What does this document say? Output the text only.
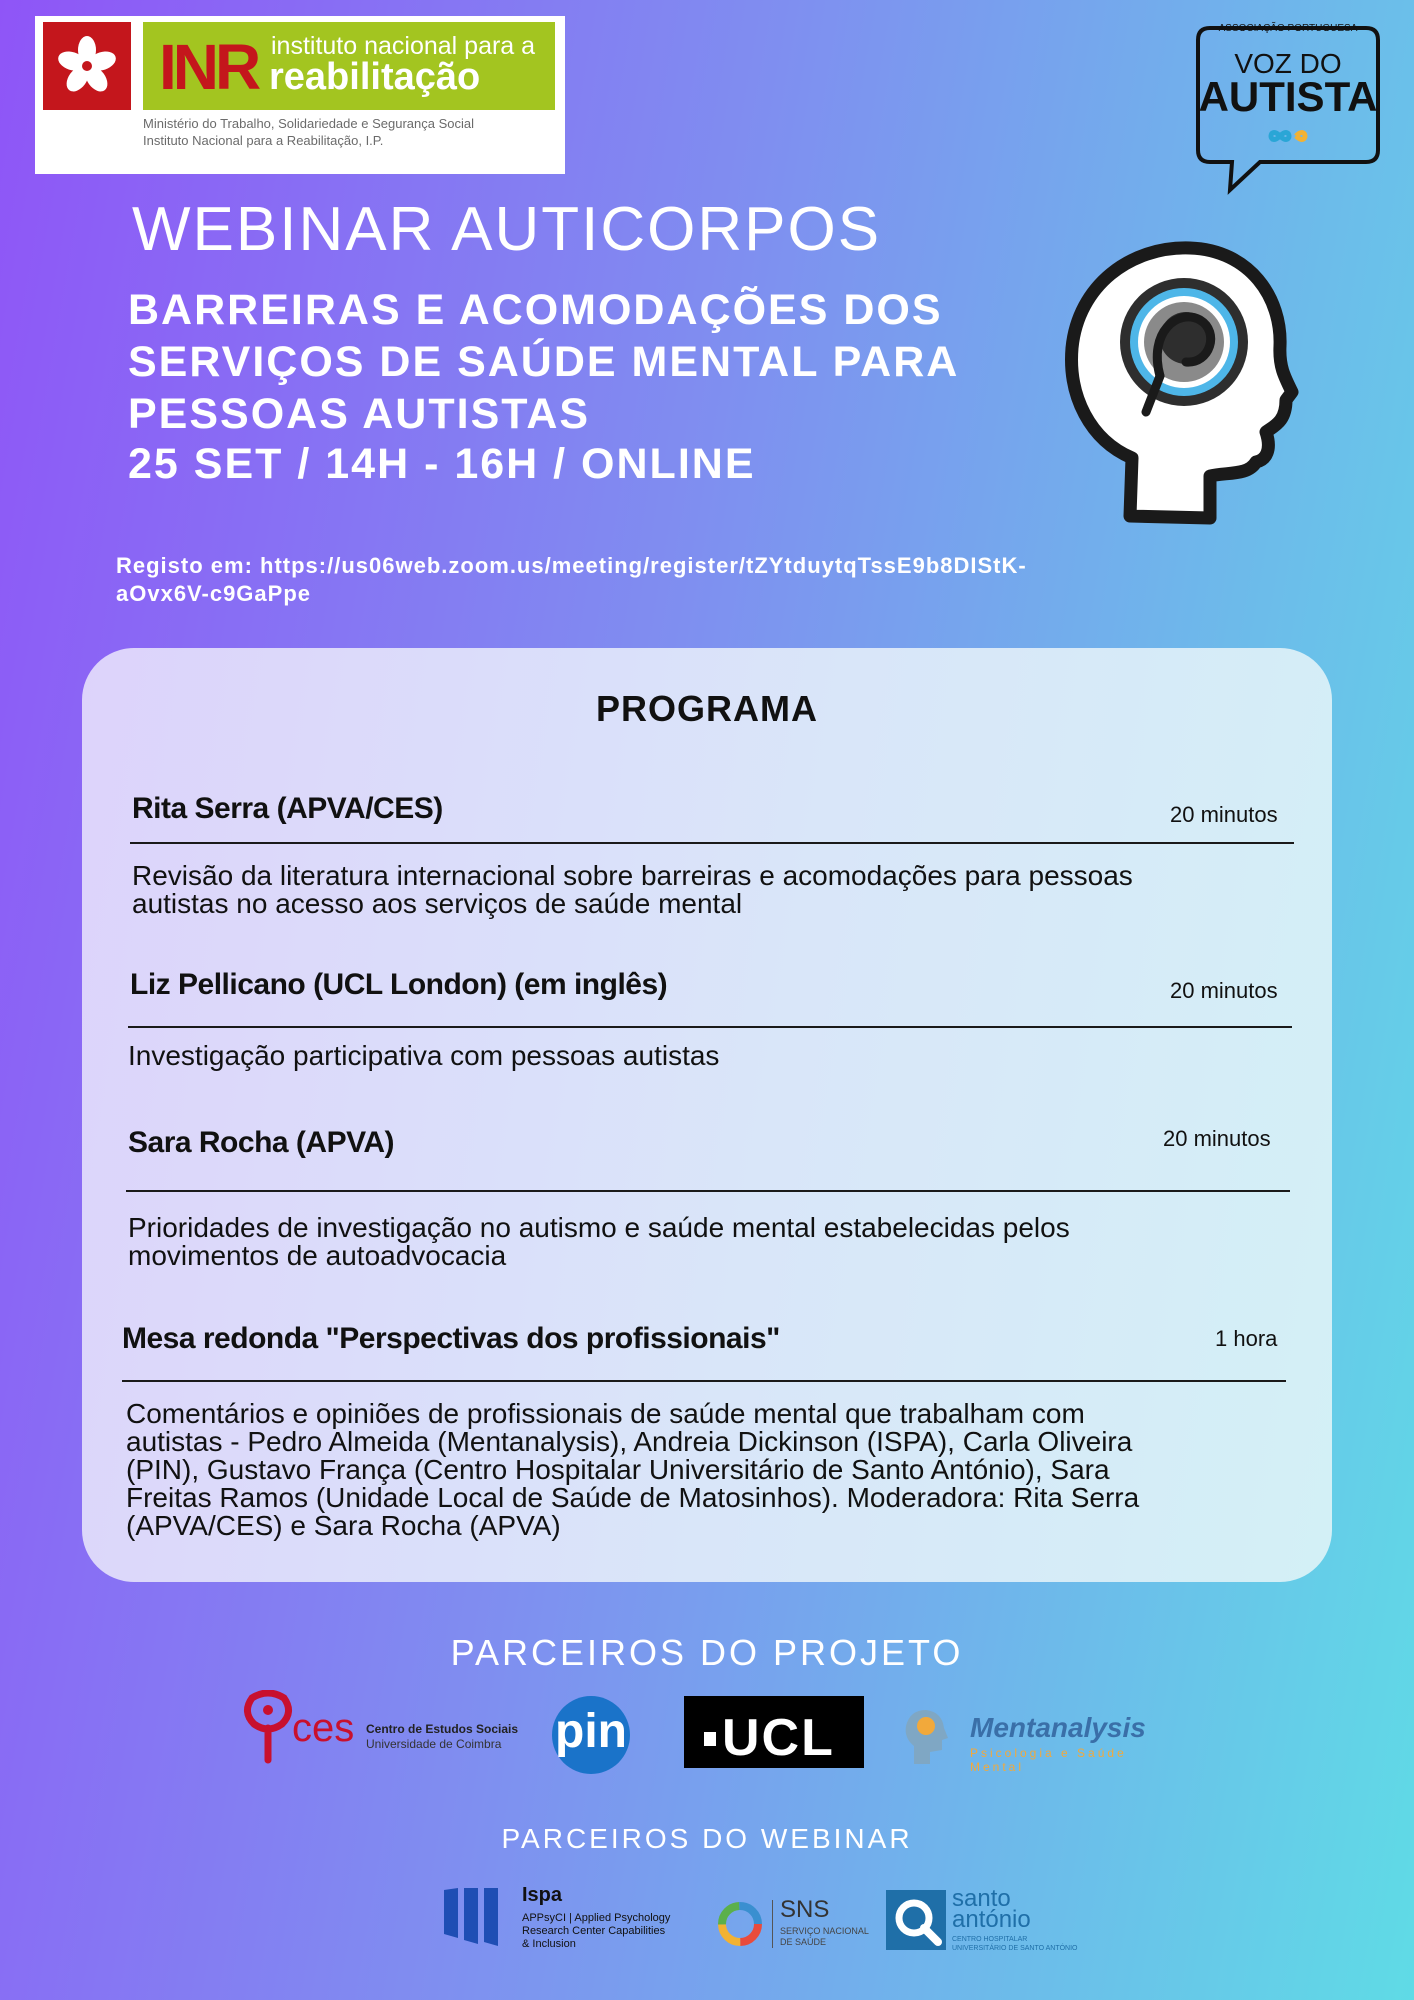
INR instituto nacional para a
reabilitação
Ministério do Trabalho, Solidariedade e Segurança Social
Instituto Nacional para a Reabilitação, I.P.
ASSOCIAÇÃO PORTUGUESA
VOZ DO
AUTISTA
WEBINAR AUTICORPOS
BARREIRAS E ACOMODAÇÕES DOS
SERVIÇOS DE SAÚDE MENTAL PARA
PESSOAS AUTISTAS
25 SET / 14H - 16H / ONLINE
Registo em: https://us06web.zoom.us/meeting/register/tZYtduytqTssE9b8DIStK-
aOvx6V-c9GaPpe
PROGRAMA
Rita Serra (APVA/CES)	20 minutos
Revisão da literatura internacional sobre barreiras e acomodações para pessoas
autistas no acesso aos serviços de saúde mental
Liz Pellicano (UCL London) (em inglês)	20 minutos
Investigação participativa com pessoas autistas
Sara Rocha (APVA)	20 minutos
Prioridades de investigação no autismo e saúde mental estabelecidas pelos
movimentos de autoadvocacia
Mesa redonda "Perspectivas dos profissionais"	1 hora
Comentários e opiniões de profissionais de saúde mental que trabalham com
autistas - Pedro Almeida (Mentanalysis), Andreia Dickinson (ISPA), Carla Oliveira
(PIN), Gustavo França (Centro Hospitalar Universitário de Santo António), Sara
Freitas Ramos (Unidade Local de Saúde de Matosinhos). Moderadora: Rita Serra
(APVA/CES) e Sara Rocha (APVA)
PARCEIROS DO PROJETO
ces Centro de Estudos Sociais
Universidade de Coimbra pin UCL	Mentanalysis
Psicologia e Saúde Mental
PARCEIROS DO WEBINAR
Ispa
APPsyCI | Applied Psychology
Research Center Capabilities
& Inclusion
SNS
SERVIÇO NACIONAL
DE SAÚDE
santo
antónio
CENTRO HOSPITALAR
UNIVERSITÁRIO DE SANTO ANTÓNIO
